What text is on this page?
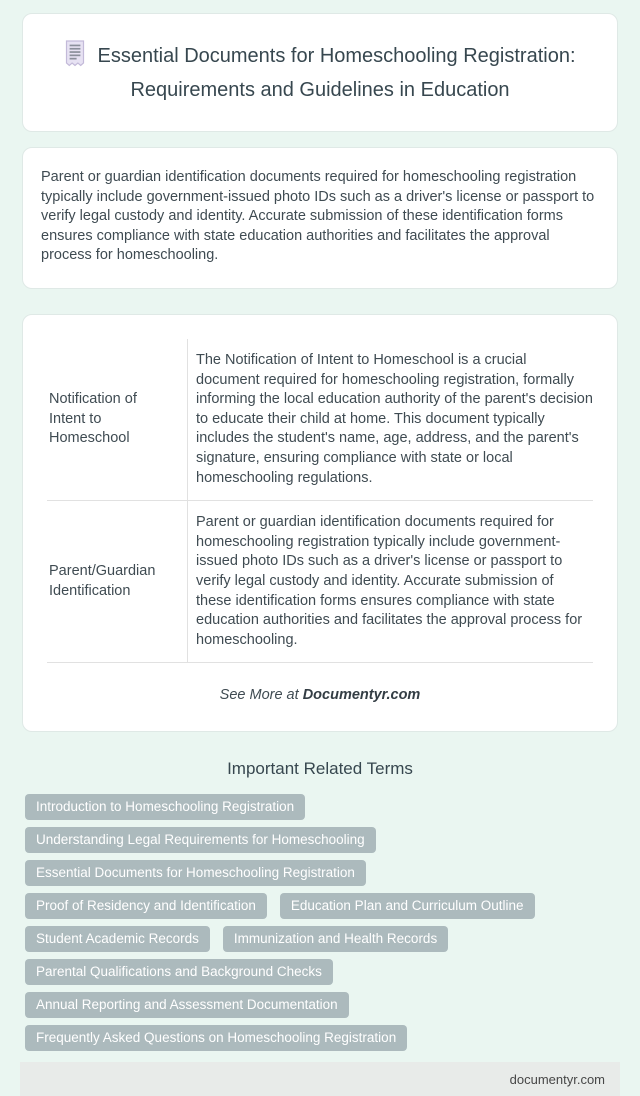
Essential Documents for Homeschooling Registration: Requirements and Guidelines in Education

Parent or guardian identification documents required for homeschooling registration typically include government-issued photo IDs such as a driver's license or passport to verify legal custody and identity. Accurate submission of these identification forms ensures compliance with state education authorities and facilitates the approval process for homeschooling.

Notification of Intent to Homeschool	The Notification of Intent to Homeschool is a crucial document required for homeschooling registration, formally informing the local education authority of the parent's decision to educate their child at home. This document typically includes the student's name, age, address, and the parent's signature, ensuring compliance with state or local homeschooling regulations.
Parent/Guardian Identification	Parent or guardian identification documents required for homeschooling registration typically include government-issued photo IDs such as a driver's license or passport to verify legal custody and identity. Accurate submission of these identification forms ensures compliance with state education authorities and facilitates the approval process for homeschooling.
See More at Documentyr.com
Important Related Terms
Introduction to Homeschooling Registration
Understanding Legal Requirements for Homeschooling
Essential Documents for Homeschooling Registration
Proof of Residency and Identification	Education Plan and Curriculum Outline
Student Academic Records	Immunization and Health Records
Parental Qualifications and Background Checks
Annual Reporting and Assessment Documentation
Frequently Asked Questions on Homeschooling Registration
documentyr.com
